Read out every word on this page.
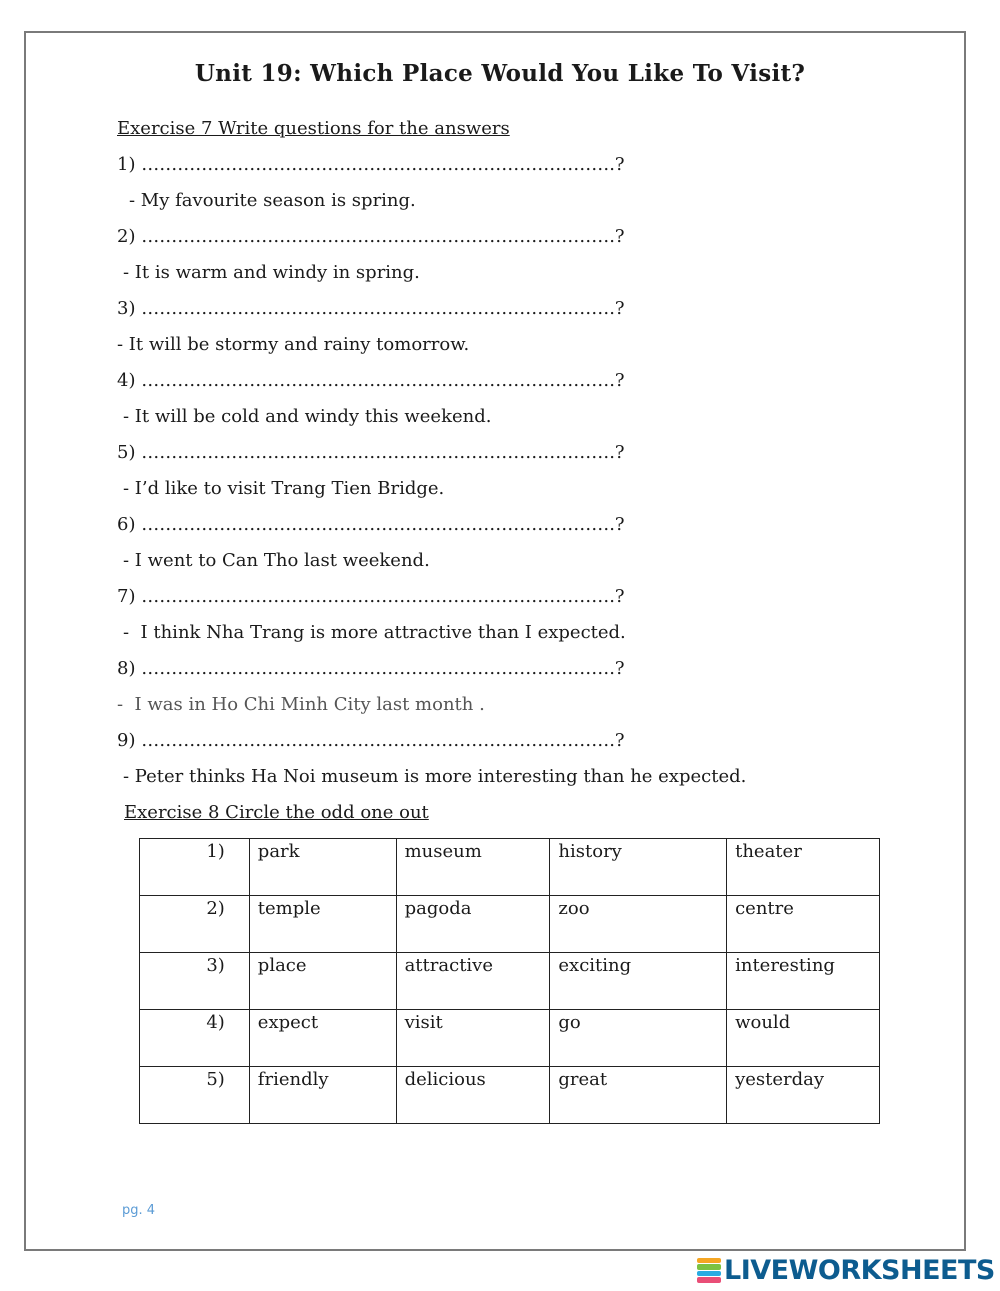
Unit 19: Which Place Would You Like To Visit?
Exercise 7 Write questions for the answers
1) …………………………………………………………………….?
- My favourite season is spring.
2) …………………………………………………………………….?
- It is warm and windy in spring.
3) …………………………………………………………………….?
- It will be stormy and rainy tomorrow.
4) …………………………………………………………………….?
- It will be cold and windy this weekend.
5) …………………………………………………………………….?
- I’d like to visit Trang Tien Bridge.
6) …………………………………………………………………….?
- I went to Can Tho last weekend.
7) …………………………………………………………………….?
-  I think Nha Trang is more attractive than I expected.
8) …………………………………………………………………….?
-  I was in Ho Chi Minh City last month .
9) …………………………………………………………………….?
- Peter thinks Ha Noi museum is more interesting than he expected.
Exercise 8 Circle the odd one out
1)	park	museum	history	theater
2)	temple	pagoda	zoo	centre
3)	place	attractive	exciting	interesting
4)	expect	visit	go	would
5)	friendly	delicious	great	yesterday
pg. 4
LIVEWORKSHEETS
